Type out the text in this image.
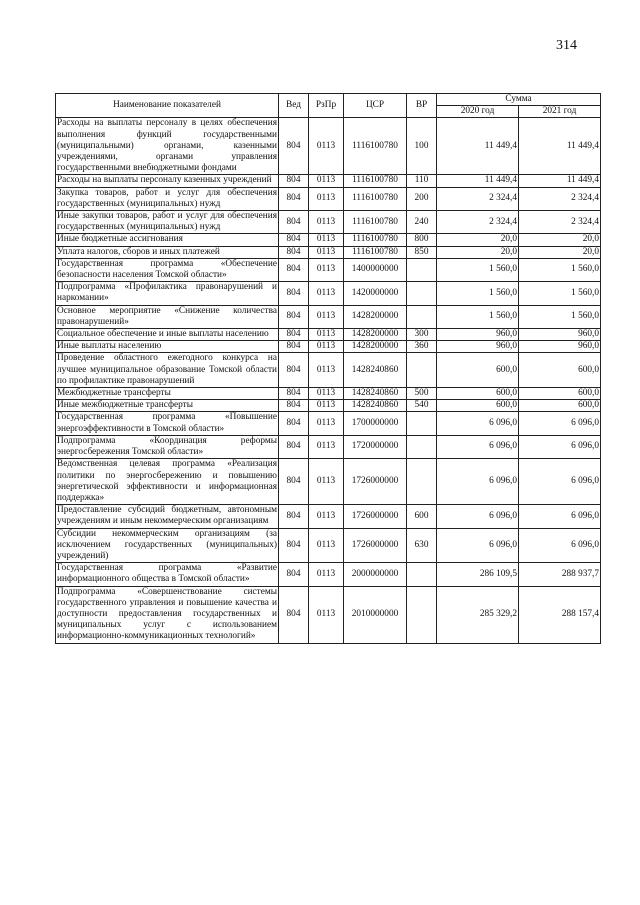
314
Наименование показателей	Вед	РзПр	ЦСР	ВР	Сумма	
					2020 год	2021 год
Расходы на выплаты персоналу в целях обеспечения выполнения функций государственными (муниципальными) органами, казенными учреждениями, органами управления государственными внебюджетными фондами	804	0113	1116100780	100	11 449,4	11 449,4
Расходы на выплаты персоналу казенных учреждений	804	0113	1116100780	110	11 449,4	11 449,4
Закупка товаров, работ и услуг для обеспечения государственных (муниципальных) нужд	804	0113	1116100780	200	2 324,4	2 324,4
Иные закупки товаров, работ и услуг для обеспечения государственных (муниципальных) нужд	804	0113	1116100780	240	2 324,4	2 324,4
Иные бюджетные ассигнования	804	0113	1116100780	800	20,0	20,0
Уплата налогов, сборов и иных платежей	804	0113	1116100780	850	20,0	20,0
Государственная программа «Обеспечение безопасности населения Томской области»	804	0113	1400000000		1 560,0	1 560,0
Подпрограмма «Профилактика правонарушений и наркомании»	804	0113	1420000000		1 560,0	1 560,0
Основное мероприятие «Снижение количества правонарушений»	804	0113	1428200000		1 560,0	1 560,0
Социальное обеспечение и иные выплаты населению	804	0113	1428200000	300	960,0	960,0
Иные выплаты населению	804	0113	1428200000	360	960,0	960,0
Проведение областного ежегодного конкурса на лучшее муниципальное образование Томской области по профилактике правонарушений	804	0113	1428240860		600,0	600,0
Межбюджетные трансферты	804	0113	1428240860	500	600,0	600,0
Иные межбюджетные трансферты	804	0113	1428240860	540	600,0	600,0
Государственная программа «Повышение энергоэффективности в Томской области»	804	0113	1700000000		6 096,0	6 096,0
Подпрограмма «Координация реформы энергосбережения Томской области»	804	0113	1720000000		6 096,0	6 096,0
Ведомственная целевая программа «Реализация политики по энергосбережению и повышению энергетической эффективности и информационная поддержка»	804	0113	1726000000		6 096,0	6 096,0
Предоставление субсидий бюджетным, автономным учреждениям и иным некоммерческим организациям	804	0113	1726000000	600	6 096,0	6 096,0
Субсидии некоммерческим организациям (за исключением государственных (муниципальных) учреждений)	804	0113	1726000000	630	6 096,0	6 096,0
Государственная программа «Развитие информационного общества в Томской области»	804	0113	2000000000		286 109,5	288 937,7
Подпрограмма «Совершенствование системы государственного управления и повышение качества и доступности предоставления государственных и муниципальных услуг с использованием информационно-коммуникационных технологий»	804	0113	2010000000		285 329,2	288 157,4
